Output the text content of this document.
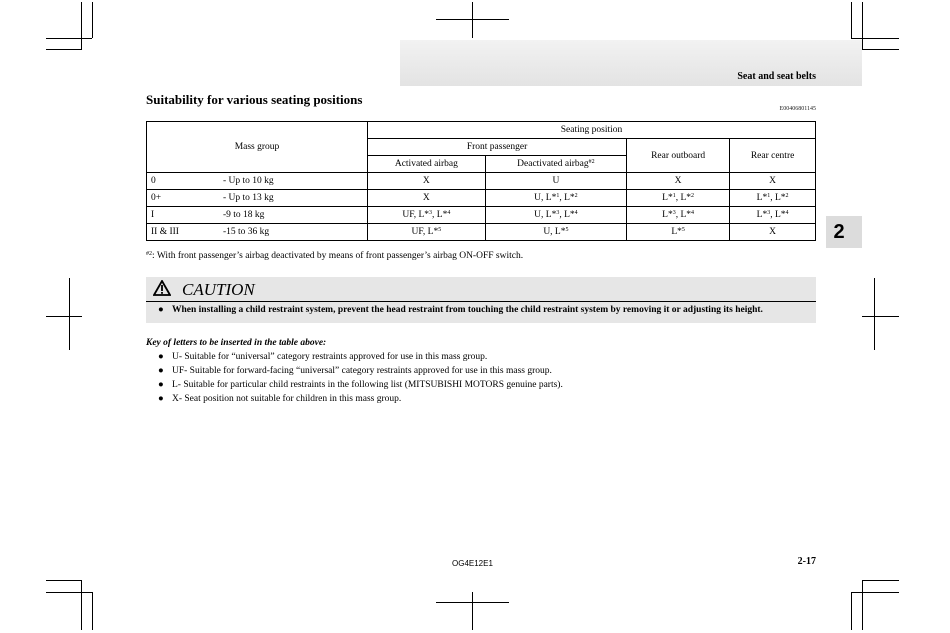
Seat and seat belts
Suitability for various seating positions
E00406801145
Mass group		Seating position			
		Front passenger		Rear outboard	Rear centre
		Activated airbag	Deactivated airbag$^{\#2}$
0	- Up to 10 kg	X	U	X	X
0+	- Up to 13 kg	X	U, L*$^1$, L*$^2$	L*$^1$, L*$^2$	L*$^1$, L*$^2$
I	-9 to 18 kg	UF, L*$^3$, L*$^4$	U, L*$^3$, L*$^4$	L*$^3$, L*$^4$	L*$^3$, L*$^4$
II & III	-15 to 36 kg	UF, L*$^5$	U, L*$^5$	L*$^5$	X
$^{\#2}$: With front passenger’s airbag deactivated by means of front passenger’s airbag ON-OFF switch.
CAUTION
● When installing a child restraint system, prevent the head restraint from touching the child restraint system by removing it or adjusting its height.
Key of letters to be inserted in the table above:
● U- Suitable for “universal” category restraints approved for use in this mass group.
● UF- Suitable for forward-facing “universal” category restraints approved for use in this mass group.
● L- Suitable for particular child restraints in the following list (MITSUBISHI MOTORS genuine parts).
● X- Seat position not suitable for children in this mass group.
OG4E12E1	2-17
2
